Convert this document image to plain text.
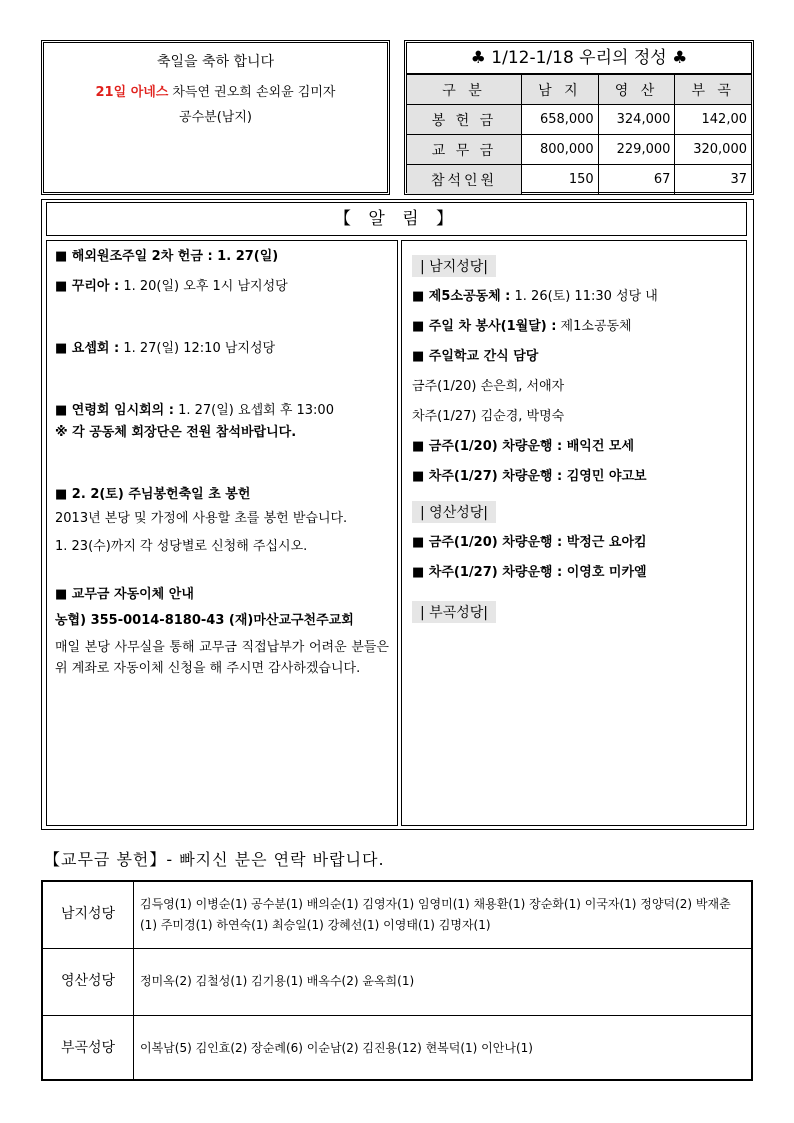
축일을 축하 합니다
21일 아네스 차득연 권오희 손외윤 김미자
공수분(남지)
♣ 1/12-1/18 우리의 정성 ♣
구 분	남 지	영 산	부 곡
봉 헌 금	658,000	324,000	142,00
교 무 금	800,000	229,000	320,000
참석인원	150	67	37
【 알 림 】
■ 해외원조주일 2차 헌금 : 1. 27(일)
■ 꾸리아 : 1. 20(일) 오후 1시 남지성당
■ 요셉회 : 1. 27(일) 12:10 남지성당
■ 연령회 임시회의 : 1. 27(일) 요셉회 후 13:00
※ 각 공동체 회장단은 전원 참석바랍니다.
■ 2. 2(토) 주님봉헌축일 초 봉헌
2013년 본당 및 가정에 사용할 초를 봉헌 받습니다.
1. 23(수)까지 각 성당별로 신청해 주십시오.
■ 교무금 자동이체 안내
농협) 355-0014-8180-43 (재)마산교구천주교회
매일 본당 사무실을 통해 교무금 직접납부가 어려운 분들은 위 계좌로 자동이체 신청을 해 주시면 감사하겠습니다.
| 남지성당|
■ 제5소공동체 : 1. 26(토) 11:30 성당 내
■ 주일 차 봉사(1월달) : 제1소공동체
■ 주일학교 간식 담당
금주(1/20) 손은희, 서애자
차주(1/27) 김순경, 박명숙
■ 금주(1/20) 차량운행 : 배익건 모세
■ 차주(1/27) 차량운행 : 김영민 야고보
| 영산성당|
■ 금주(1/20) 차량운행 : 박정근 요아킴
■ 차주(1/27) 차량운행 : 이영호 미카엘
| 부곡성당|
【교무금 봉헌】- 빠지신 분은 연락 바랍니다.
남지성당	김득영(1) 이병순(1) 공수분(1) 배의순(1) 김영자(1) 임영미(1) 채용환(1) 장순화(1) 이국자(1) 정양덕(2) 박재춘(1) 주미경(1) 하연숙(1) 최승일(1) 강혜선(1) 이영태(1) 김명자(1)
영산성당	정미옥(2) 김철성(1) 김기용(1) 배옥수(2) 윤옥희(1)
부곡성당	이복남(5) 김인효(2) 장순례(6) 이순남(2) 김진용(12) 현복덕(1) 이안나(1)
